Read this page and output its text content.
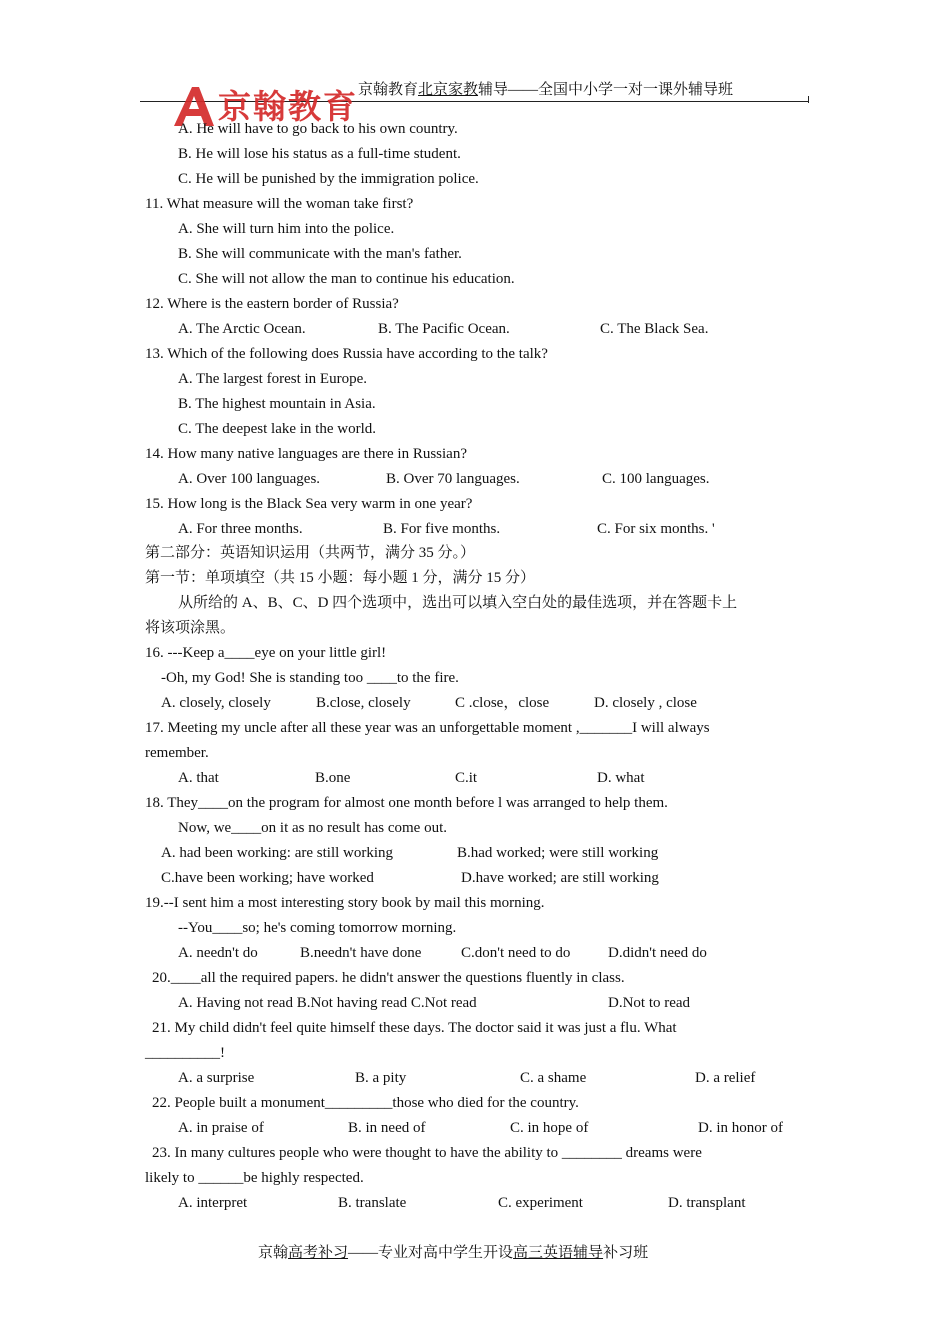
京翰教育北京家教辅导——全国中小学一对一课外辅导班
京翰教育
A. He will have to go back to his own country.
B. He will lose his status as a full-time student.
C. He will be punished by the immigration police.
11. What measure will the woman take first?
A. She will turn him into the police.
B. She will communicate with the man's father.
C. She will not allow the man to continue his education.
12. Where is the eastern border of Russia?
A. The Arctic Ocean.	B. The Pacific Ocean.	C. The Black Sea.
13. Which of the following does Russia have according to the talk?
A. The largest forest in Europe.
B. The highest mountain in Asia.
C. The deepest lake in the world.
14. How many native languages are there in Russian?
A. Over 100 languages.	B. Over 70 languages.	C. 100 languages.
15. How long is the Black Sea very warm in one year?
A. For three months.	B. For five months.	C. For six months. '
第二部分：英语知识运用（共两节，满分 35 分。）
第一节：单项填空（共 15 小题：每小题 1 分，满分 15 分）
从所给的 A、B、C、D 四个选项中，选出可以填入空白处的最佳选项，并在答题卡上
将该项涂黑。
16. ---Keep a____eye on your little girl!
-Oh, my God! She is standing too ____to the fire.
A. closely, closely	B.close, closely	C .close，close	D. closely , close
17. Meeting my uncle after all these year was an unforgettable moment ,_______I will always
remember.
A. that	B.one	C.it	D. what
18. They____on the program for almost one month before l was arranged to help them.
Now, we____on it as no result has come out.
A. had been working: are still working	B.had worked; were still working
C.have been working; have worked	D.have worked; are still working
19.--I sent him a most interesting story book by mail this morning.
--You____so; he's coming tomorrow morning.
A. needn't do	B.needn't have done	C.don't need to do	D.didn't need do
20.____all the required papers. he didn't answer the questions fluently in class.
A. Having not read B.Not having read C.Not read	D.Not to read
21. My child didn't feel quite himself these days. The doctor said it was just a flu. What
__________!
A. a surprise	B. a pity	C. a shame	D. a relief
22. People built a monument_________those who died for the country.
A. in praise of	B. in need of	C. in hope of	D. in honor of
23. In many cultures people who were thought to have the ability to ________ dreams were
likely to ______be highly respected.
A. interpret	B. translate	C. experiment	D. transplant
京翰高考补习——专业对高中学生开设高三英语辅导补习班
